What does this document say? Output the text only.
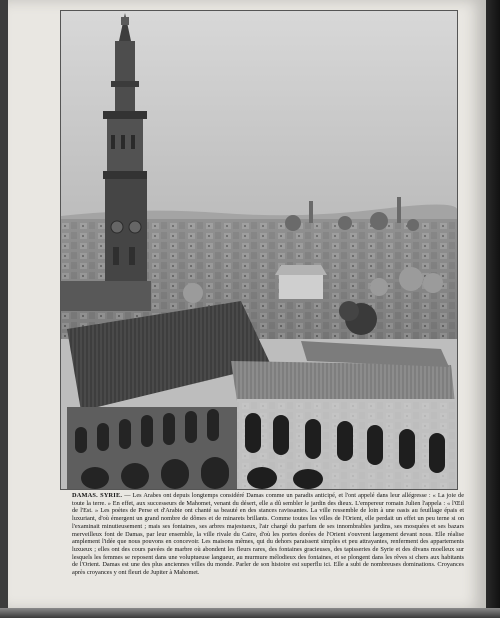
DAMAS. SYRIE. — Les Arabes ont depuis longtemps considéré Damas comme un paradis anticipé, et l'ont appelé dans leur allégresse : « La joie de toute la terre. » En effet, aux successeurs de Mahomet, venant du désert, elle a dû sembler le jardin des dieux. L'empereur romain Julien l'appela : « l'Œil de l'Est. » Les poètes de Perse et d'Arabie ont chanté sa beauté en des stances ravissantes. La ville ressemble de loin à une oasis au feuillage épais et luxuriant, d'où émergent un grand nombre de dômes et de minarets brillants. Comme toutes les villes de l'Orient, elle perdait un effet un peu terne si on l'examinait minutieusement ; mais ses fontaines, ses arbres majestueux, l'air chargé du parfum de ses innombrables jardins, ses mosquées et ses bazars merveilleux font de Damas, par leur ensemble, la ville rivale du Caire, d'où les portes dorées de l'Orient s'ouvrent largement devant nous. Elle réalise amplement l'idée que nous pouvons en concevoir. Les maisons mêmes, qui du dehors paraissent simples et peu attrayantes, renferment des appartements luxueux ; elles ont des cours pavées de marbre où abondent les fleurs rares, des fontaines gracieuses, des tapisseries de Syrie et des divans moelleux sur lesquels les femmes se reposent dans une voluptueuse langueur, au murmure mélodieux des fontaines, et se plongent dans les rêves si chers aux habitants de l'Orient. Damas est une des plus anciennes villes du monde. Parler de son histoire est superflu ici. Elle a subi de nombreuses dominations. Croyances après croyances y ont fleuri de Jupiter à Mahomet.
